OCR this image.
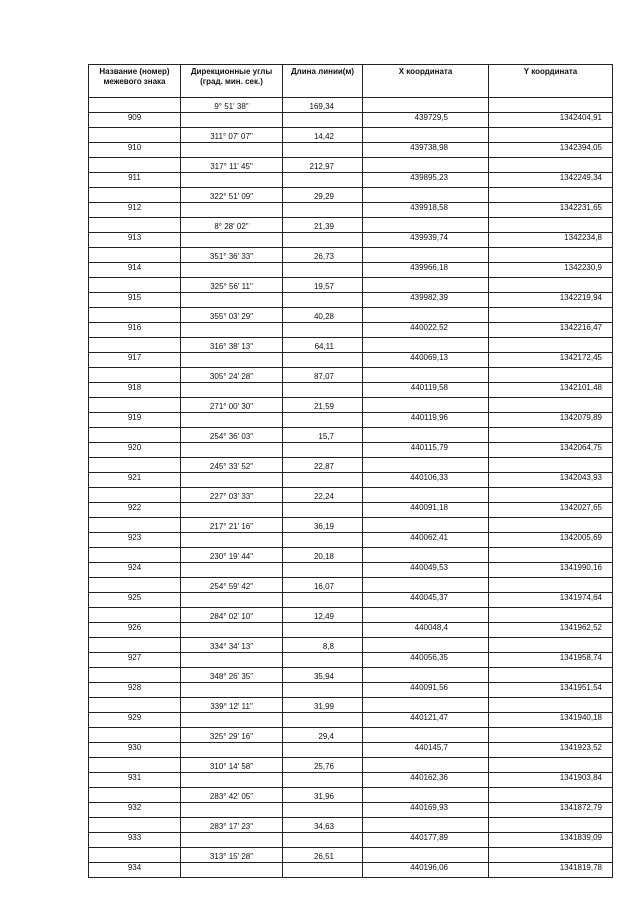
Название (номер) межевого знака	Дирекционные углы (град. мин. сек.)	Длина линии(м)	X координата	Y координата
	9° 51' 38"	169,34		
909			439729,5	1342404,91
	311° 07' 07"	14,42		
910			439738,98	1342394,05
	317° 11' 45"	212,97		
911			439895,23	1342249,34
	322° 51' 09"	29,29		
912			439918,58	1342231,65
	8° 28' 02"	21,39		
913			439939,74	1342234,8
	351° 36' 33"	26,73		
914			439966,18	1342230,9
	325° 56' 11"	19,57		
915			439982,39	1342219,94
	355° 03' 29"	40,28		
916			440022,52	1342216,47
	316° 38' 13"	64,11		
917			440069,13	1342172,45
	305° 24' 28"	87,07		
918			440119,58	1342101,48
	271° 00' 30"	21,59		
919			440119,96	1342079,89
	254° 36' 03"	15,7		
920			440115,79	1342064,75
	245° 33' 52"	22,87		
921			440106,33	1342043,93
	227° 03' 33"	22,24		
922			440091,18	1342027,65
	217° 21' 16"	36,19		
923			440062,41	1342005,69
	230° 19' 44"	20,18		
924			440049,53	1341990,16
	254° 59' 42"	16,07		
925			440045,37	1341974,64
	284° 02' 10"	12,49		
926			440048,4	1341962,52
	334° 34' 13"	8,8		
927			440056,35	1341958,74
	348° 26' 35"	35,94		
928			440091,56	1341951,54
	339° 12' 11"	31,99		
929			440121,47	1341940,18
	325° 29' 16"	29,4		
930			440145,7	1341923,52
	310° 14' 58"	25,76		
931			440162,36	1341903,84
	283° 42' 05"	31,96		
932			440169,93	1341872,79
	283° 17' 23"	34,63		
933			440177,89	1341839,09
	313° 15' 28"	26,51		
934			440196,06	1341819,78
